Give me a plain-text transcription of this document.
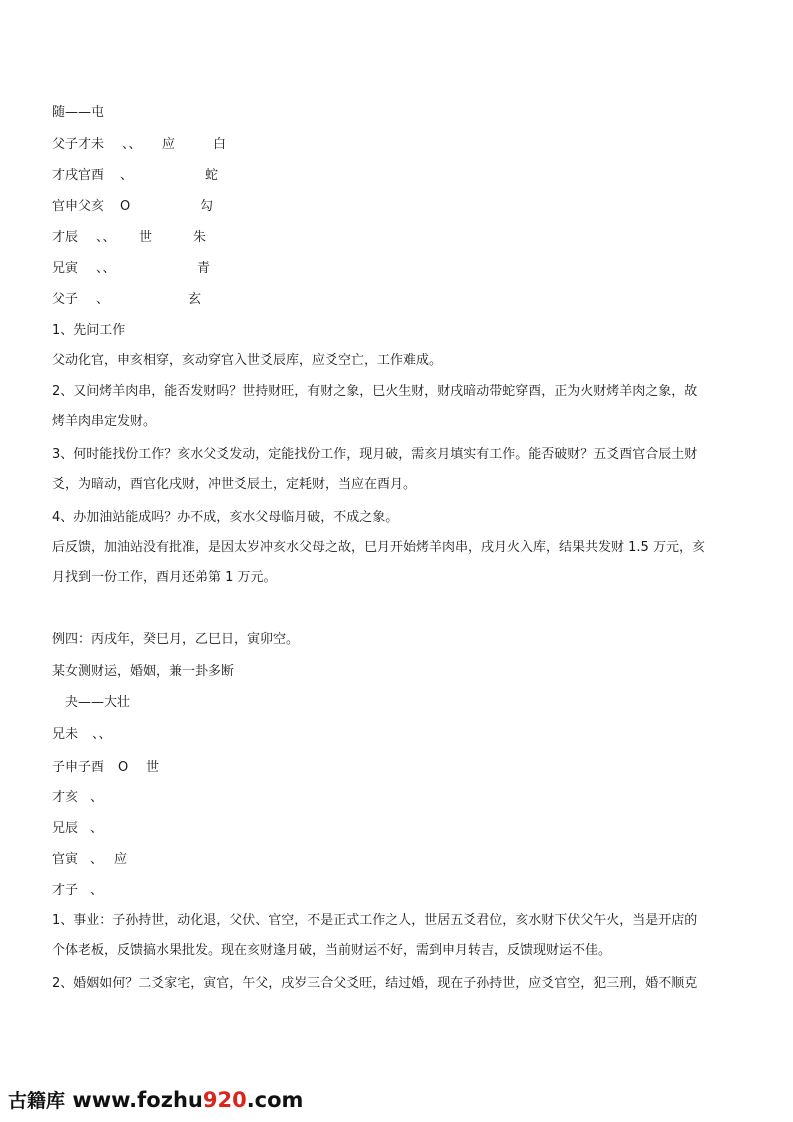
随——屯
父子才未 、、 应	白
才戌官酉 、	蛇
官申父亥 O	勾
才辰 、、 世	朱
兄寅 、、	青
父子 、	玄
1、先问工作
父动化官，申亥相穿，亥动穿官入世爻辰库，应爻空亡，工作难成。
2、又问烤羊肉串，能否发财吗？世持财旺，有财之象，巳火生财，财戌暗动带蛇穿酉，正为火财烤羊肉之象，故
烤羊肉串定发财。
3、何时能找份工作？亥水父爻发动，定能找份工作，现月破，需亥月填实有工作。能否破财？五爻酉官合辰土财
爻，为暗动，酉官化戌财，冲世爻辰土，定耗财，当应在酉月。
4、办加油站能成吗？办不成，亥水父母临月破，不成之象。
后反馈，加油站没有批准，是因太岁冲亥水父母之故，巳月开始烤羊肉串，戌月火入库，结果共发财 1.5 万元，亥
月找到一份工作，酉月还弟第 1 万元。
例四：丙戌年，癸巳月，乙巳日，寅卯空。
某女测财运，婚姻，兼一卦多断
夬——大壮
兄未 、、
子申子酉 O 世
才亥 、
兄辰 、
官寅 、 应
才子 、
1、事业：子孙持世，动化退，父伏、官空，不是正式工作之人，世居五爻君位，亥水财下伏父午火，当是开店的
个体老板，反馈搞水果批发。现在亥财逢月破，当前财运不好，需到申月转吉，反馈现财运不佳。
2、婚姻如何？二爻家宅，寅官，午父，戌岁三合父爻旺，结过婚，现在子孙持世，应爻官空，犯三刑，婚不顺克
古籍库 www.fozhu920.com
